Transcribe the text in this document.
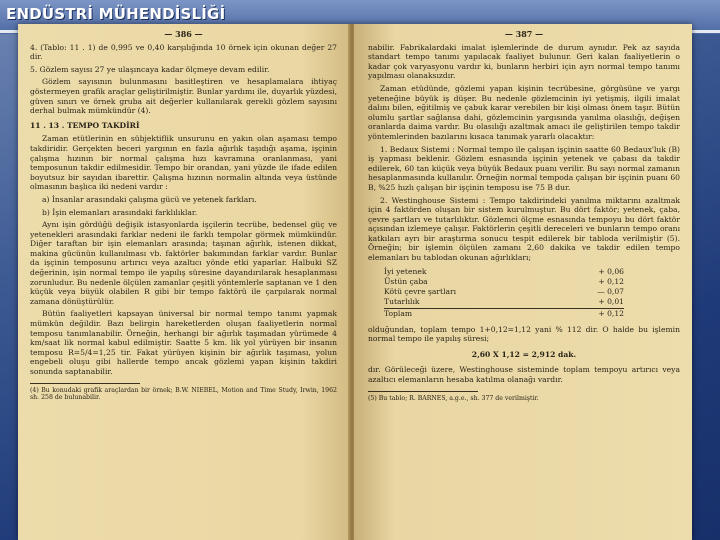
ENDÜSTRİ MÜHENDİSLİĞİ
— 386 —

4. (Tablo: 11 . 1) de 0,995 ve 0,40 karşılığında 10 örnek için okunan değer 27 dir.

5. Gözlem sayısı 27 ye ulaşıncaya kadar ölçmeye devam edilir.

Gözlem sayısının bulunmasını basitleştiren ve hesaplamalara ihtiyaç göstermeyen grafik araçlar geliştirilmiştir. Bunlar yardımı ile, duyarlık yüzdesi, güven sınırı ve örnek gruba ait değerler kullanılarak gerekli gözlem sayısını derhal bulmak mümkündür (4).

11 . 13 . TEMPO TAKDİRİ

Zaman etütlerinin en sübjektiflik unsurunu en yakın olan aşaması tempo takdiridir. Gerçekten beceri yargının en fazla ağırlık taşıdığı aşama, işçinin çalışma hızının bir normal çalışma hızı kavramına oranlanması, yani temposunun takdir edilmesidir. Tempo bir orandan, yani yüzde ile ifade edilen boyutsuz bir sayıdan ibarettir. Çalışma hızının normalin altında veya üstünde olmasının başlıca iki nedeni vardır :

a) İnsanlar arasındaki çalışma gücü ve yetenek farkları.

b) İşin elemanları arasındaki farklılıklar.

Aynı işin gördüğü değişik istasyonlarda işçilerin tecrübe, bedensel güç ve yetenekleri arasındaki farklar nedeni ile farklı tempolar görmek mümkündür. Diğer taraftan bir işin elemanları arasında; taşınan ağırlık, istenen dikkat, makina gücünün kullanılması vb. faktörler bakımından farklar vardır. Bunlar da işçinin temposunu artırıcı veya azaltıcı yönde etki yaparlar. Halbuki SZ değerinin, işin normal tempo ile yapılış süresine dayandırılarak hesaplanması zorunludur. Bu nedenle ölçülen zamanlar çeşitli yöntemlerle saptanan ve 1 den küçük veya büyük olabilen R gibi bir tempo faktörü ile çarpılarak normal zamana dönüştürülür.

Bütün faaliyetleri kapsayan üniversal bir normal tempo tanımı yapmak mümkün değildir. Bazı belirgin hareketlerden oluşan faaliyetlerin normal temposu tanımlanabilir. Örneğin, herhangi bir ağırlık taşımadan yürümede 4 km/saat lik normal kabul edilmiştir. Saatte 5 km. lik yol yürüyen bir insanın temposu R=5/4=1,25 tir. Fakat yürüyen kişinin bir ağırlık taşıması, yolun engebeli oluşu gibi hallerde tempo ancak gözlemi yapan kişinin takdiri sonunda saptanabilir.

(4) Bu konudaki grafik araçlardan bir örnek; B.W. NIEBEL, Motion and Time Study, Irwin, 1962 sh. 258 de bulunabilir.

— 387 —

nabilir. Fabrikalardaki imalat işlemlerinde de durum aynıdır. Pek az sayıda standart tempo tanımı yapılacak faaliyet bulunur. Geri kalan faaliyetlerin o kadar çok varyasyonu vardır ki, bunların herbiri için ayrı normal tempo tanımı yapılması olanaksızdır.

Zaman etüdünde, gözlemi yapan kişinin tecrübesine, görgüsüne ve yargı yeteneğine büyük iş düşer. Bu nedenle gözlemcinin iyi yetişmiş, ilgili imalat dalını bilen, eğitilmiş ve çabuk karar verebilen bir kişi olması önem taşır. Bütün olumlu şartlar sağlansa dahi, gözlemcinin yargısında yanılma olasılığı, değişen oranlarda daima vardır. Bu olasılığı azaltmak amacı ile geliştirilen tempo takdir yöntemlerinden bazılarını kısaca tanımak yararlı olacaktır:

1. Bedaux Sistemi : Normal tempo ile çalışan işçinin saatte 60 Bedaux'luk (B) iş yapması beklenir. Gözlem esnasında işçinin yetenek ve çabası da takdir edilerek, 60 tan küçük veya büyük Bedaux puanı verilir. Bu sayı normal zamanın hesaplanmasında kullanılır. Örneğin normal tempoda çalışan bir işçinin puanı 60 B, %25 hızlı çalışan bir işçinin temposu ise 75 B dur.

2. Westinghouse Sistemi : Tempo takdirindeki yanılma miktarını azaltmak için 4 faktörden oluşan bir sistem kurulmuştur. Bu dört faktör; yetenek, çaba, çevre şartları ve tutarlılıktır. Gözlemci ölçme esnasında tempoyu bu dört faktör açısından izlemeye çalışır. Faktörlerin çeşitli dereceleri ve bunların tempo oranı katkıları ayrı bir araştırma sonucu tespit edilerek bir tabloda verilmiştir (5). Örneğin; bir işlemin ölçülen zamanı 2,60 dakika ve takdir edilen tempo elemanları bu tablodan okunan ağırlıkları;

İyi yetenek	+ 0,06
Üstün çaba	+ 0,12
Kötü çevre şartları	— 0,07
Tutarlılık	+ 0,01
Toplam	+ 0,12

olduğundan, toplam tempo 1+0,12=1,12 yani % 112 dir. O halde bu işlemin normal tempo ile yapılış süresi;

2,60 X 1,12 = 2,912 dak.

dır. Görüleceği üzere, Westinghouse sisteminde toplam tempoyu artırıcı veya azaltıcı elemanların hesaba katılma olanağı vardır.

(5) Bu tablo; R. BARNES, a.g.e., sh. 377 de verilmiştir.
